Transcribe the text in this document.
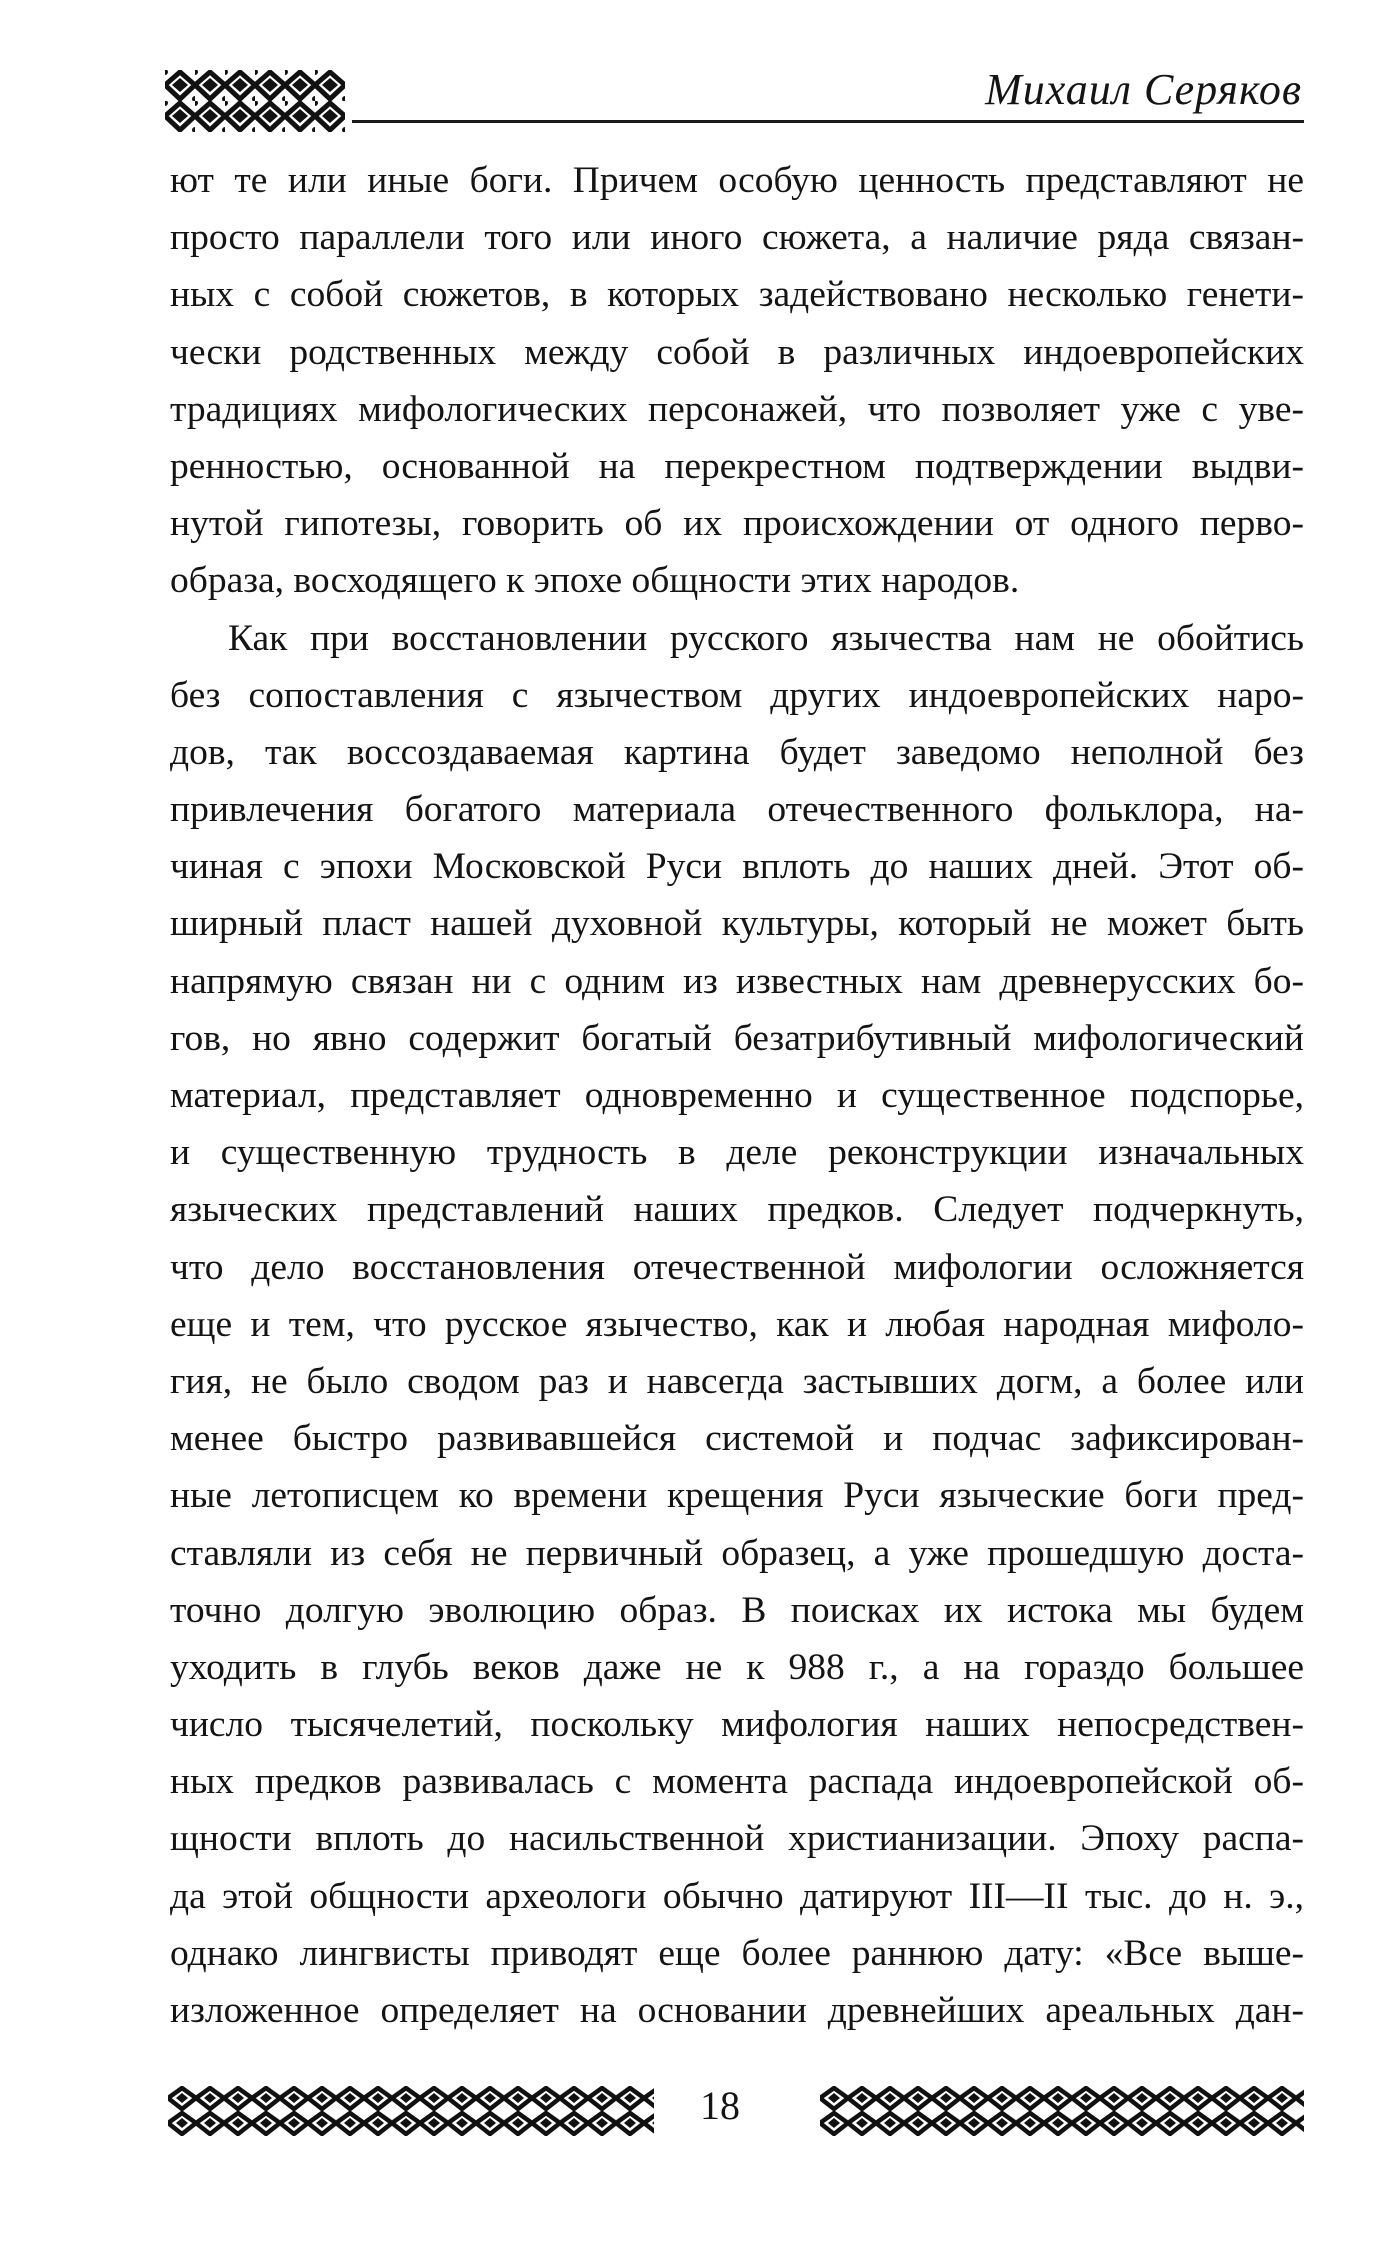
Михаил Серяков
ют те или иные боги. Причем особую ценность представляют не
просто параллели того или иного сюжета, а наличие ряда связан-
ных с собой сюжетов, в которых задействовано несколько генети-
чески родственных между собой в различных индоевропейских
традициях мифологических персонажей, что позволяет уже с уве-
ренностью, основанной на перекрестном подтверждении выдви-
нутой гипотезы, говорить об их происхождении от одного перво-
образа, восходящего к эпохе общности этих народов.
Как при восстановлении русского язычества нам не обойтись
без сопоставления с язычеством других индоевропейских наро-
дов, так воссоздаваемая картина будет заведомо неполной без
привлечения богатого материала отечественного фольклора, на-
чиная с эпохи Московской Руси вплоть до наших дней. Этот об-
ширный пласт нашей духовной культуры, который не может быть
напрямую связан ни с одним из известных нам древнерусских бо-
гов, но явно содержит богатый безатрибутивный мифологический
материал, представляет одновременно и существенное подспорье,
и существенную трудность в деле реконструкции изначальных
языческих представлений наших предков. Следует подчеркнуть,
что дело восстановления отечественной мифологии осложняется
еще и тем, что русское язычество, как и любая народная мифоло-
гия, не было сводом раз и навсегда застывших догм, а более или
менее быстро развивавшейся системой и подчас зафиксирован-
ные летописцем ко времени крещения Руси языческие боги пред-
ставляли из себя не первичный образец, а уже прошедшую доста-
точно долгую эволюцию образ. В поисках их истока мы будем
уходить в глубь веков даже не к 988 г., а на гораздо большее
число тысячелетий, поскольку мифология наших непосредствен-
ных предков развивалась с момента распада индоевропейской об-
щности вплоть до насильственной христианизации. Эпоху распа-
да этой общности археологи обычно датируют III—II тыс. до н. э.,
однако лингвисты приводят еще более раннюю дату: «Все выше-
изложенное определяет на основании древнейших ареальных дан-
18
